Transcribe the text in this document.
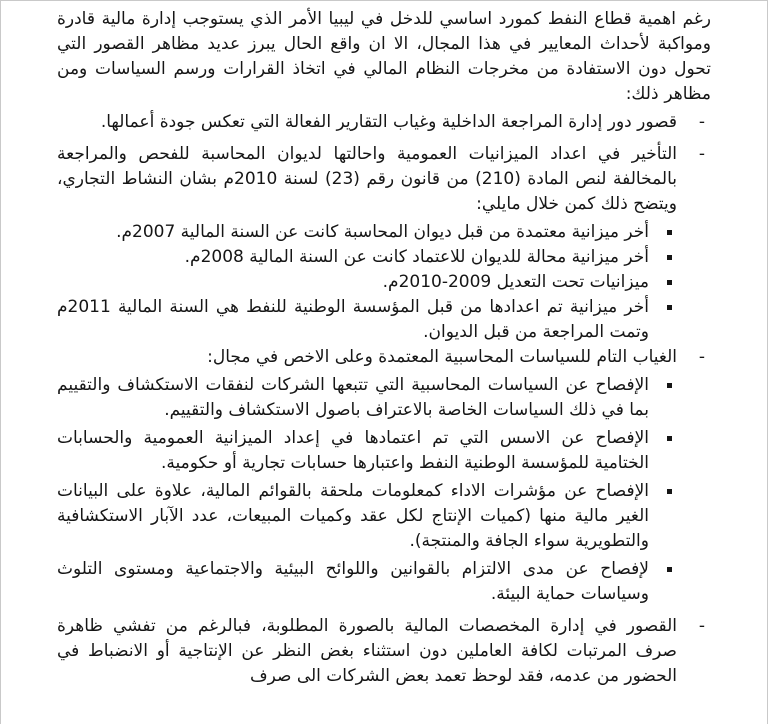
رغم اهمية قطاع النفط كمورد اساسي للدخل في ليبيا الأمر الذي يستوجب إدارة مالية قادرة ومواكبة لأحداث المعايير في هذا المجال، الا ان واقع الحال يبرز عديد مظاهر القصور التي تحول دون الاستفادة من مخرجات النظام المالي في اتخاذ القرارات ورسم السياسات ومن مظاهر ذلك:

-
قصور دور إدارة المراجعة الداخلية وغياب التقارير الفعالة التي تعكس جودة أعمالها.
-
التأخير في اعداد الميزانيات العمومية واحالتها لديوان المحاسبة للفحص والمراجعة بالمخالفة لنص المادة (210) من قانون رقم (23) لسنة 2010م بشان النشاط التجاري، ويتضح ذلك كمن خلال مايلي:
أخر ميزانية معتمدة من قبل ديوان المحاسبة كانت عن السنة المالية 2007م.
أخر ميزانية محالة للديوان للاعتماد كانت عن السنة المالية 2008م.
ميزانيات تحت التعديل 2009-2010م.
أخر ميزانية تم اعدادها من قبل المؤسسة الوطنية للنفط هي السنة المالية 2011م وتمت المراجعة من قبل الديوان.
-
الغياب التام للسياسات المحاسبية المعتمدة وعلى الاخص في مجال:
الإفصاح عن السياسات المحاسبية التي تتبعها الشركات لنفقات الاستكشاف والتقييم بما في ذلك السياسات الخاصة بالاعتراف باصول الاستكشاف والتقييم.
الإفصاح عن الاسس التي تم اعتمادها في إعداد الميزانية العمومية والحسابات الختامية للمؤسسة الوطنية النفط واعتبارها حسابات تجارية أو حكومية.
الإفصاح عن مؤشرات الاداء كمعلومات ملحقة بالقوائم المالية، علاوة على البيانات الغير مالية منها (كميات الإنتاج لكل عقد وكميات المبيعات، عدد الآبار الاستكشافية والتطويرية سواء الجافة والمنتجة).
لإفصاح عن مدى الالتزام بالقوانين واللوائح البيئية والاجتماعية ومستوى التلوث وسياسات حماية البيئة.
-
القصور في إدارة المخصصات المالية بالصورة المطلوبة، فبالرغم من تفشي ظاهرة صرف المرتبات لكافة العاملين دون استثناء بغض النظر عن الإنتاجية أو الانضباط في الحضور من عدمه، فقد لوحظ تعمد بعض الشركات الى صرف
